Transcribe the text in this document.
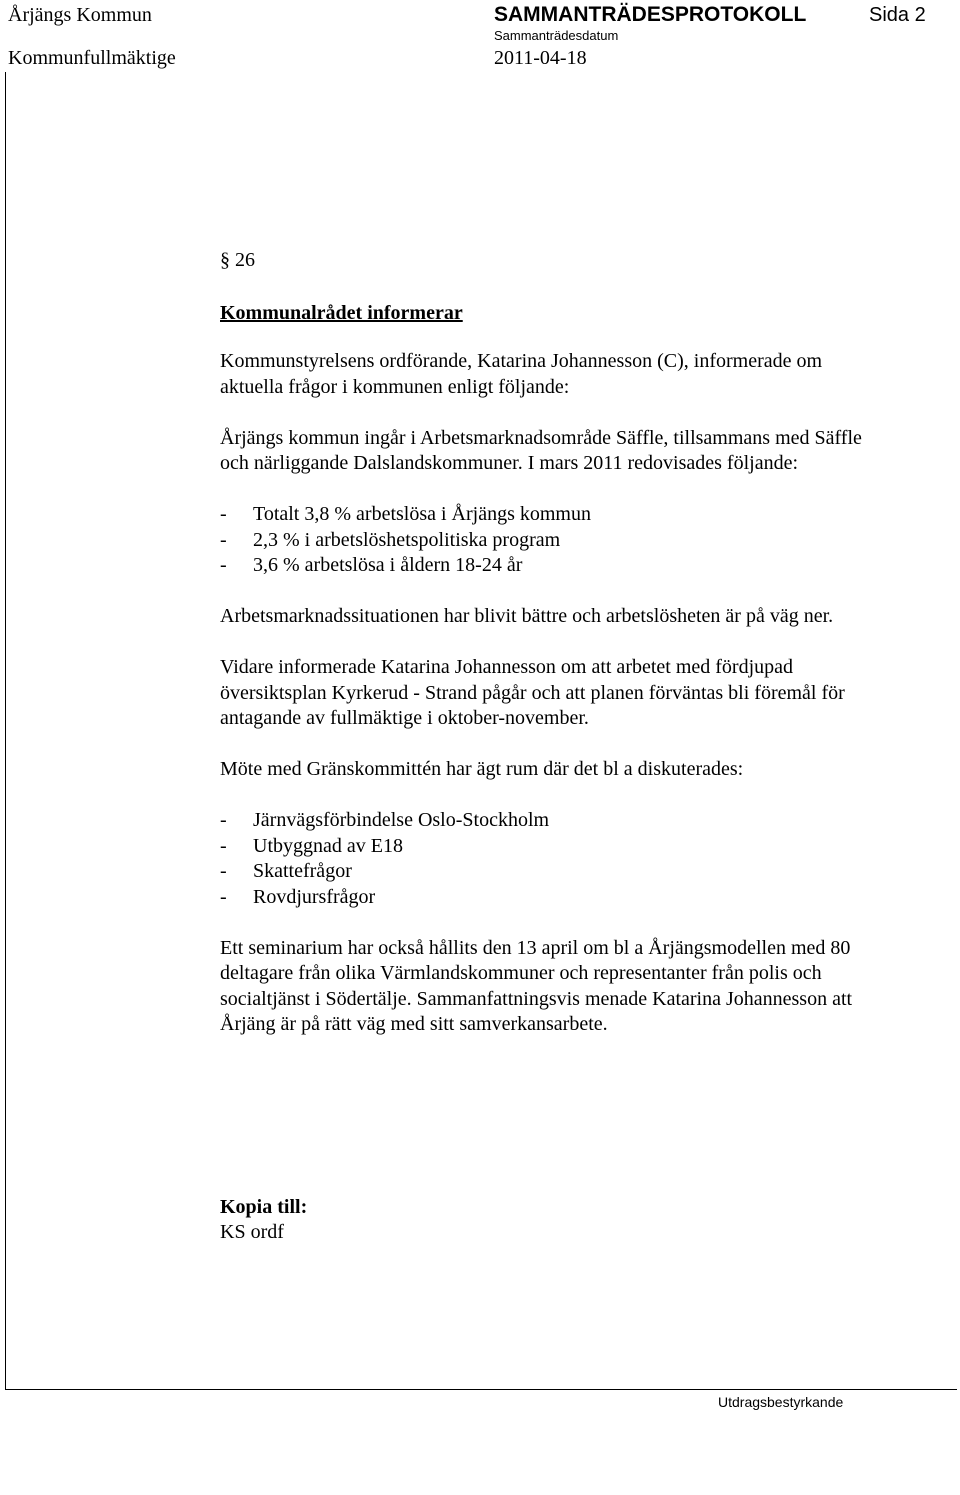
Årjängs Kommun	SAMMANTRÄDESPROTOKOLL	Sida 2
Kommunfullmäktige
Sammanträdesdatum
2011-04-18

§ 26

Kommunalrådet informerar

Kommunstyrelsens ordförande, Katarina Johannesson (C), informerade om

aktuella frågor i kommunen enligt följande:

Årjängs kommun ingår i Arbetsmarknadsområde Säffle, tillsammans med Säffle

och närliggande Dalslandskommuner. I mars 2011 redovisades följande:

- Totalt 3,8 % arbetslösa i Årjängs kommun

- 2,3 % i arbetslöshetspolitiska program

- 3,6 % arbetslösa i åldern 18-24 år

Arbetsmarknadssituationen har blivit bättre och arbetslösheten är på väg ner.

Vidare informerade Katarina Johannesson om att arbetet med fördjupad

översiktsplan Kyrkerud - Strand pågår och att planen förväntas bli föremål för

antagande av fullmäktige i oktober-november.

Möte med Gränskommittén har ägt rum där det bl a diskuterades:

- Järnvägsförbindelse Oslo-Stockholm

- Utbyggnad av E18

- Skattefrågor

- Rovdjursfrågor

Ett seminarium har också hållits den 13 april om bl a Årjängsmodellen med 80

deltagare från olika Värmlandskommuner och representanter från polis och

socialtjänst i Södertälje. Sammanfattningsvis menade Katarina Johannesson att

Årjäng är på rätt väg med sitt samverkansarbete.

Kopia till:
KS ordf
Utdragsbestyrkande
